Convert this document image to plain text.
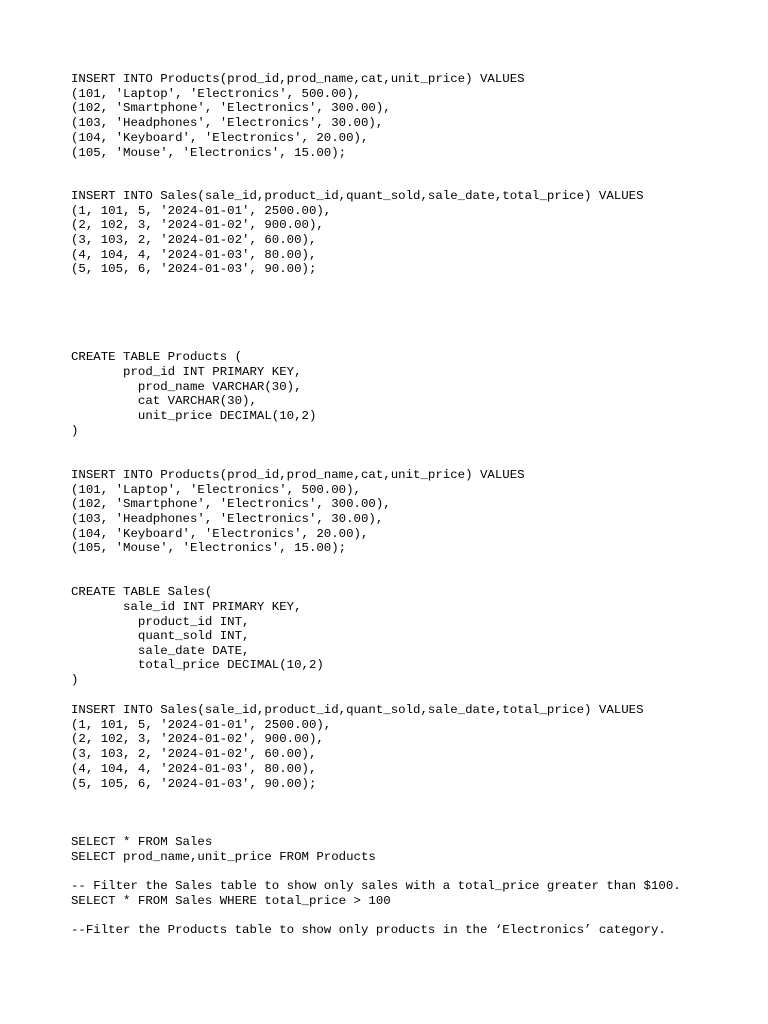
INSERT INTO Products(prod_id,prod_name,cat,unit_price) VALUES
(101, 'Laptop', 'Electronics', 500.00),
(102, 'Smartphone', 'Electronics', 300.00),
(103, 'Headphones', 'Electronics', 30.00),
(104, 'Keyboard', 'Electronics', 20.00),
(105, 'Mouse', 'Electronics', 15.00);
INSERT INTO Sales(sale_id,product_id,quant_sold,sale_date,total_price) VALUES
(1, 101, 5, '2024-01-01', 2500.00),
(2, 102, 3, '2024-01-02', 900.00),
(3, 103, 2, '2024-01-02', 60.00),
(4, 104, 4, '2024-01-03', 80.00),
(5, 105, 6, '2024-01-03', 90.00);
CREATE TABLE Products (
prod_id INT PRIMARY KEY,
prod_name VARCHAR(30),
cat VARCHAR(30),
unit_price DECIMAL(10,2)
)
INSERT INTO Products(prod_id,prod_name,cat,unit_price) VALUES
(101, 'Laptop', 'Electronics', 500.00),
(102, 'Smartphone', 'Electronics', 300.00),
(103, 'Headphones', 'Electronics', 30.00),
(104, 'Keyboard', 'Electronics', 20.00),
(105, 'Mouse', 'Electronics', 15.00);
CREATE TABLE Sales(
sale_id INT PRIMARY KEY,
product_id INT,
quant_sold INT,
sale_date DATE,
total_price DECIMAL(10,2)
)
INSERT INTO Sales(sale_id,product_id,quant_sold,sale_date,total_price) VALUES
(1, 101, 5, '2024-01-01', 2500.00),
(2, 102, 3, '2024-01-02', 900.00),
(3, 103, 2, '2024-01-02', 60.00),
(4, 104, 4, '2024-01-03', 80.00),
(5, 105, 6, '2024-01-03', 90.00);
SELECT * FROM Sales
SELECT prod_name,unit_price FROM Products
-- Filter the Sales table to show only sales with a total_price greater than $100.
SELECT * FROM Sales WHERE total_price > 100
--Filter the Products table to show only products in the ‘Electronics’ category.
